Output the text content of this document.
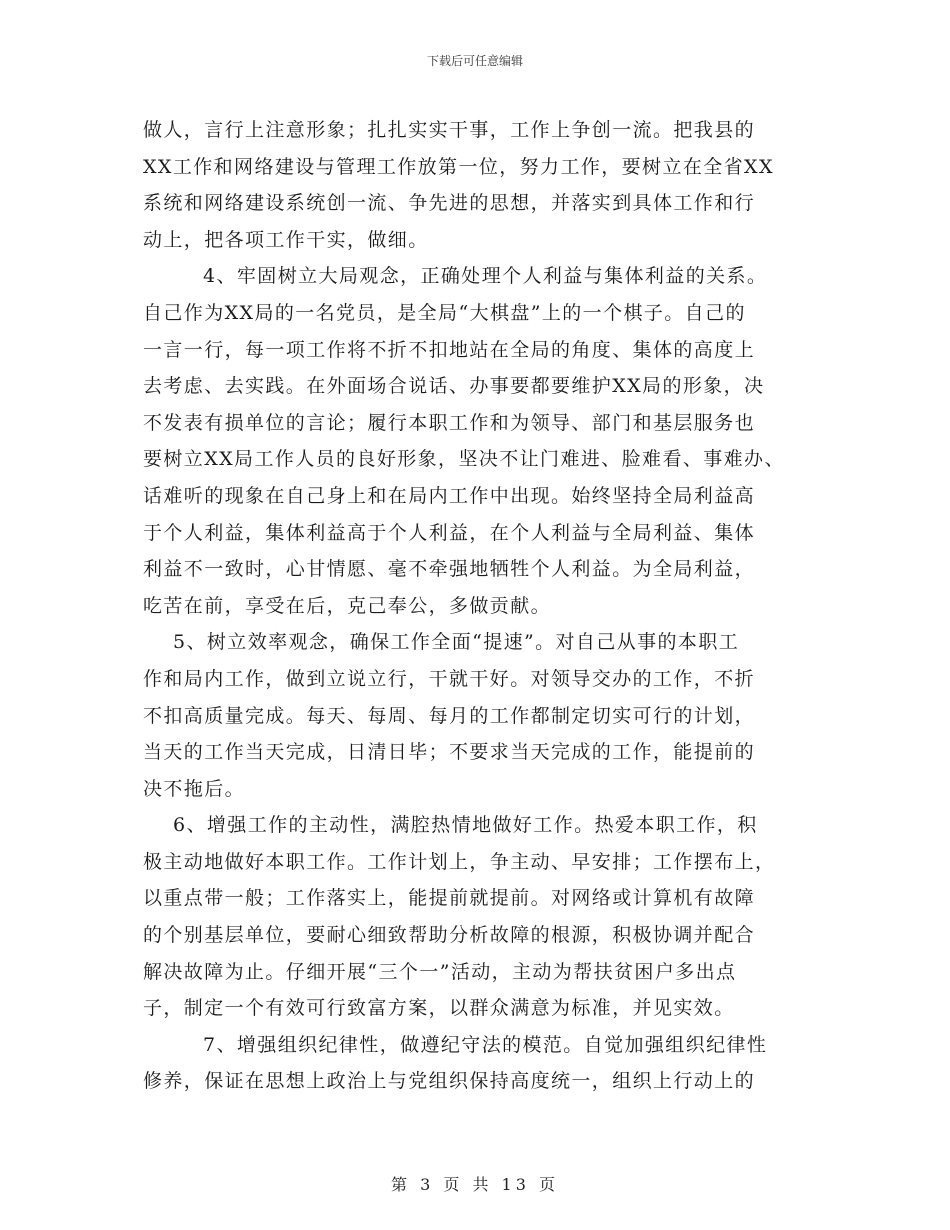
下载后可任意编辑
做人，言行上注意形象；扎扎实实干事，工作上争创一流。把我县的
XX工作和网络建设与管理工作放第一位，努力工作，要树立在全省XX
系统和网络建设系统创一流、争先进的思想，并落实到具体工作和行
动上，把各项工作干实，做细。
4、牢固树立大局观念，正确处理个人利益与集体利益的关系。
自己作为XX局的一名党员，是全局“大棋盘”上的一个棋子。自己的
一言一行，每一项工作将不折不扣地站在全局的角度、集体的高度上
去考虑、去实践。在外面场合说话、办事要都要维护XX局的形象，决
不发表有损单位的言论；履行本职工作和为领导、部门和基层服务也
要树立XX局工作人员的良好形象，坚决不让门难进、脸难看、事难办、
话难听的现象在自己身上和在局内工作中出现。始终坚持全局利益高
于个人利益，集体利益高于个人利益，在个人利益与全局利益、集体
利益不一致时，心甘情愿、毫不牵强地牺牲个人利益。为全局利益，
吃苦在前，享受在后，克己奉公，多做贡献。
5、树立效率观念，确保工作全面“提速”。对自己从事的本职工
作和局内工作，做到立说立行，干就干好。对领导交办的工作，不折
不扣高质量完成。每天、每周、每月的工作都制定切实可行的计划，
当天的工作当天完成，日清日毕；不要求当天完成的工作，能提前的
决不拖后。
6、增强工作的主动性，满腔热情地做好工作。热爱本职工作，积
极主动地做好本职工作。工作计划上，争主动、早安排；工作摆布上，
以重点带一般；工作落实上，能提前就提前。对网络或计算机有故障
的个别基层单位，要耐心细致帮助分析故障的根源，积极协调并配合
解决故障为止。仔细开展“三个一”活动，主动为帮扶贫困户多出点
子，制定一个有效可行致富方案，以群众满意为标准，并见实效。
7、增强组织纪律性，做遵纪守法的模范。自觉加强组织纪律性
修养，保证在思想上政治上与党组织保持高度统一，组织上行动上的
第 3 页 共 13 页
